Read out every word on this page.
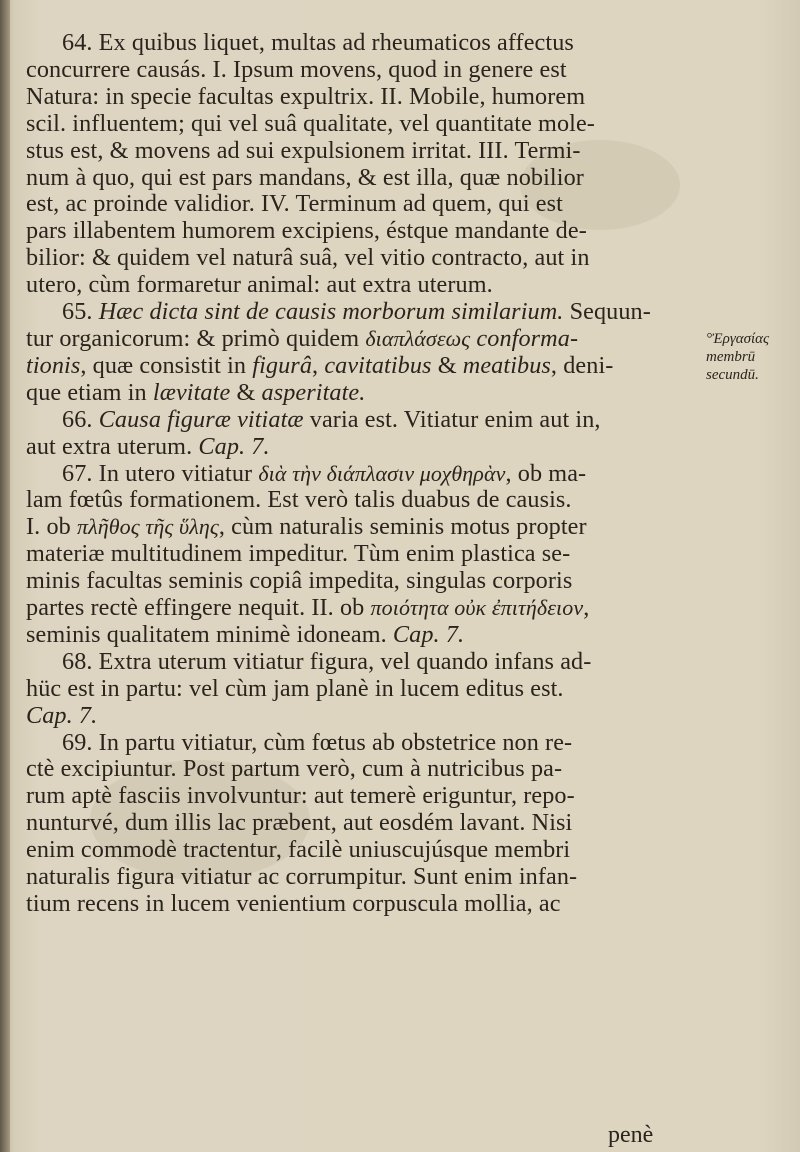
64. Ex quibus liquet, multas ad rheumaticos affectus
concurrere causás. I. Ipsum movens, quod in genere est
Natura: in specie facultas expultrix. II. Mobile, humorem
scil. influentem; qui vel suâ qualitate, vel quantitate mole-
stus est, & movens ad sui expulsionem irritat. III. Termi-
num à quo, qui est pars mandans, & est illa, quæ nobilior
est, ac proinde validior. IV. Terminum ad quem, qui est
pars illabentem humorem excipiens, éstque mandante de-
bilior: & quidem vel naturâ suâ, vel vitio contracto, aut in
utero, cùm formaretur animal: aut extra uterum.
65. Hæc dicta sint de causis morborum similarium. Sequun-
tur organicorum: & primò quidem διαπλάσεως conforma-
tionis, quæ consistit in figurâ, cavitatibus & meatibus, deni-
que etiam in lævitate & asperitate.
66. Causa figuræ vitiatæ varia est. Vitiatur enim aut in,
aut extra uterum. Cap. 7.
67. In utero vitiatur διὰ τὴν διάπλασιν μοχθηρὰν, ob ma-
lam fœtûs formationem. Est verò talis duabus de causis.
I. ob πλῆθος τῆς ὕλης, cùm naturalis seminis motus propter
materiæ multitudinem impeditur. Tùm enim plastica se-
minis facultas seminis copiâ impedita, singulas corporis
partes rectè effingere nequit. II. ob ποιότητα οὐκ ἐπιτήδειον,
seminis qualitatem minimè idoneam. Cap. 7.
68. Extra uterum vitiatur figura, vel quando infans ad-
hüc est in partu: vel cùm jam planè in lucem editus est.
Cap. 7.
69. In partu vitiatur, cùm fœtus ab obstetrice non re-
ctè excipiuntur. Post partum verò, cum à nutricibus pa-
rum aptè fasciis involvuntur: aut temerè eriguntur, repo-
nunturvé, dum illis lac præbent, aut eosdém lavant. Nisi
enim commodè tractentur, facilè uniuscujúsque membri
naturalis figura vitiatur ac corrumpitur. Sunt enim infan-
tium recens in lucem venientium corpuscula mollia, ac
°Ἐργασίας
membrū
secundū.
penè
